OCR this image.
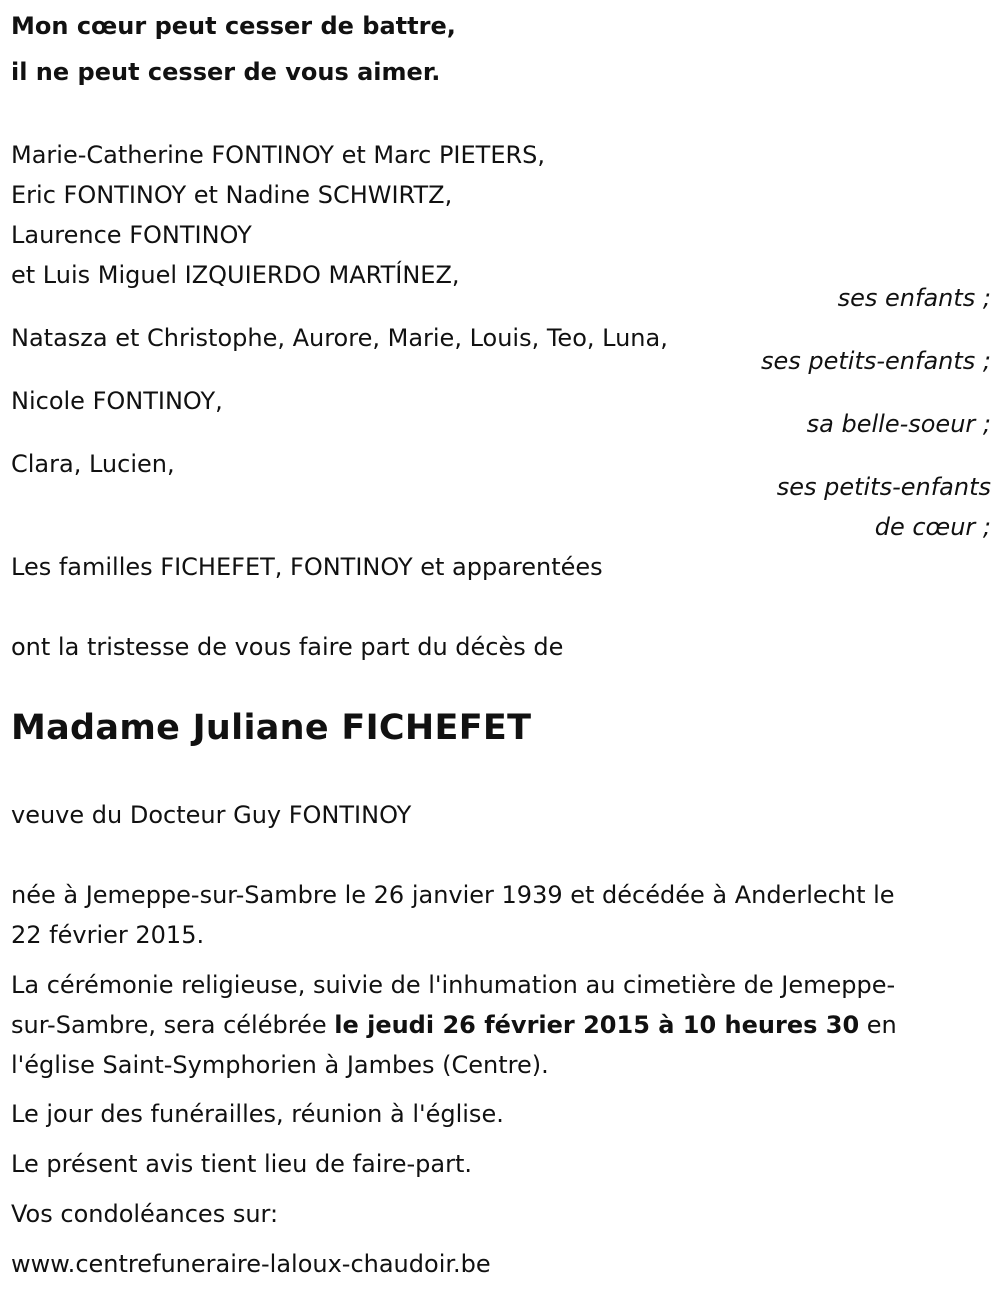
Mon cœur peut cesser de battre,
il ne peut cesser de vous aimer.
Marie-Catherine FONTINOY et Marc PIETERS,
Eric FONTINOY et Nadine SCHWIRTZ,
Laurence FONTINOY
et Luis Miguel IZQUIERDO MARTÍNEZ,
ses enfants ;
Natasza et Christophe, Aurore, Marie, Louis, Teo, Luna,
ses petits-enfants ;
Nicole FONTINOY,
sa belle-soeur ;
Clara, Lucien,
ses petits-enfants
de cœur ;
Les familles FICHEFET, FONTINOY et apparentées
ont la tristesse de vous faire part du décès de
Madame Juliane FICHEFET
veuve du Docteur Guy FONTINOY
née à Jemeppe-sur-Sambre le 26 janvier 1939 et décédée à Anderlecht le
22 février 2015.
La cérémonie religieuse, suivie de l'inhumation au cimetière de Jemeppe-
sur-Sambre, sera célébrée le jeudi 26 février 2015 à 10 heures 30 en
l'église Saint-Symphorien à Jambes (Centre).
Le jour des funérailles, réunion à l'église.
Le présent avis tient lieu de faire-part.
Vos condoléances sur:
www.centrefuneraire-laloux-chaudoir.be
